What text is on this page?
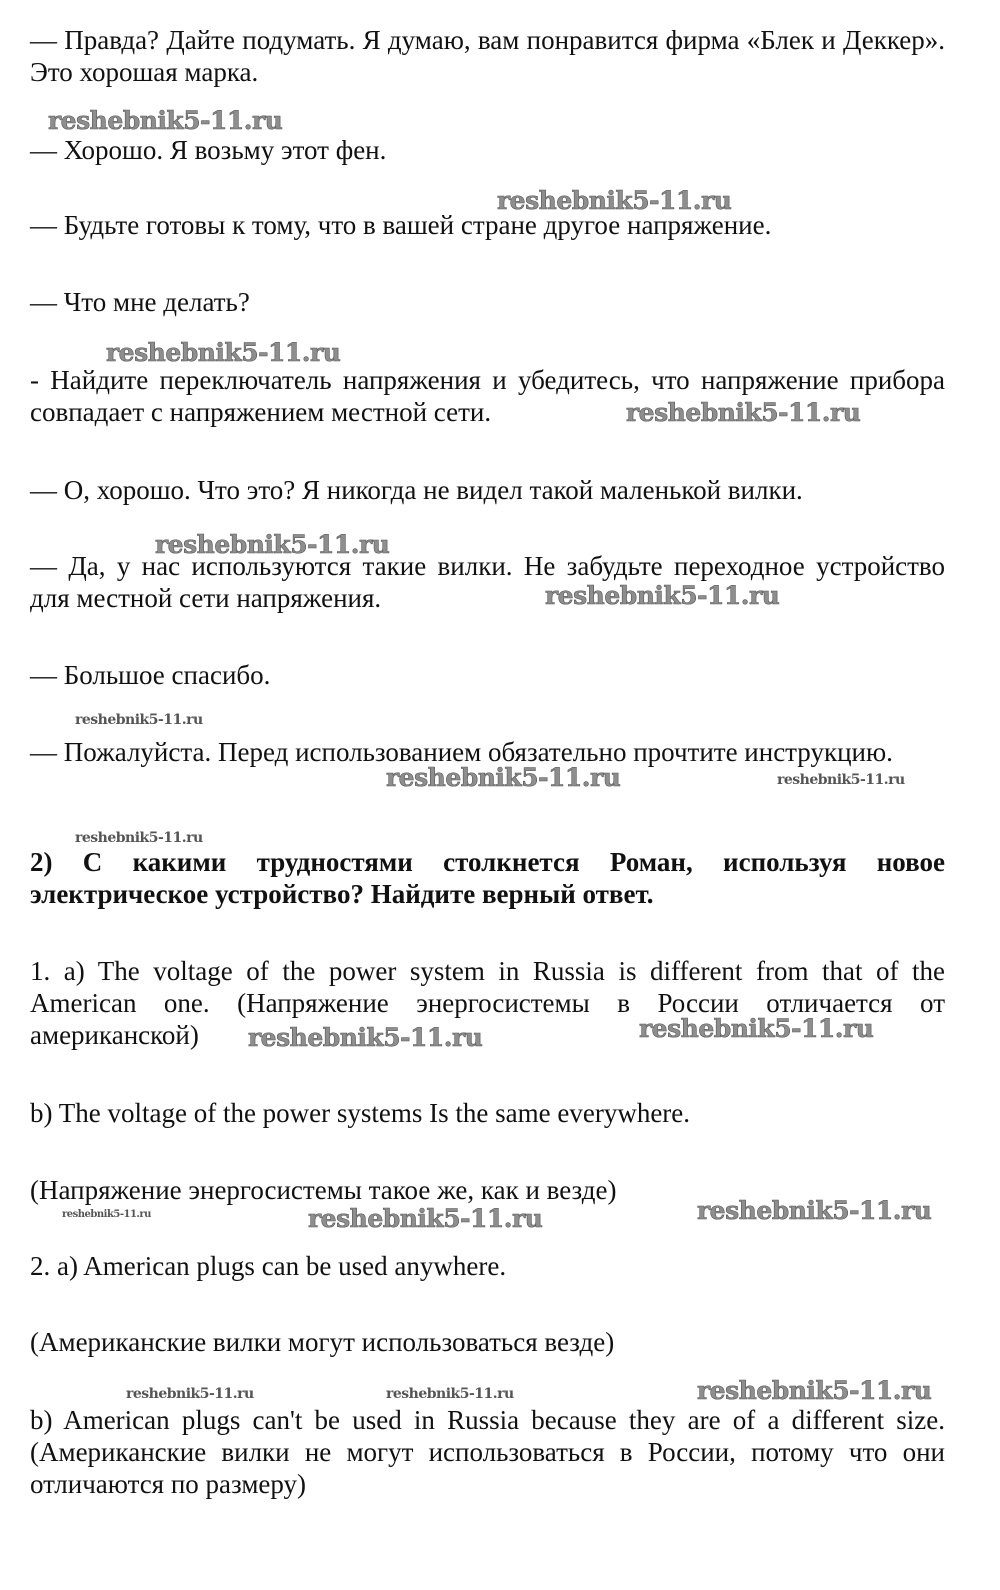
— Правда? Дайте подумать. Я думаю, вам понравится фирма «Блек и Деккер». Это хорошая марка.

— Хорошо. Я возьму этот фен.

— Будьте готовы к тому, что в вашей стране другое напряжение.

— Что мне делать?

- Найдите переключатель напряжения и убедитесь, что напряжение прибора совпадает с напряжением местной сети.

— О, хорошо. Что это? Я никогда не видел такой маленькой вилки.

— Да, у нас используются такие вилки. Не забудьте переходное устройство для местной сети напряжения.

— Большое спасибо.

— Пожалуйста. Перед использованием обязательно прочтите инструкцию.

2) С какими трудностями столкнется Роман, используя новое электрическое устройство? Найдите верный ответ.

1. a) The voltage of the power system in Russia is different from that of the American one. (Напряжение энергосистемы в России отличается от американской)

b) The voltage of the power systems Is the same everywhere.

(Напряжение энергосистемы такое же, как и везде)

2. a) American plugs can be used anywhere.

(Американские вилки могут использоваться везде)

b) American plugs can't be used in Russia because they are of a different size. (Американские вилки не могут использоваться в России, потому что они отличаются по размеру)

reshebnik5-11.ru
reshebnik5-11.ru
reshebnik5-11.ru
reshebnik5-11.ru
reshebnik5-11.ru
reshebnik5-11.ru
reshebnik5-11.ru
reshebnik5-11.ru	reshebnik5-11.ru
reshebnik5-11.ru
reshebnik5-11.ru
reshebnik5-11.ru
reshebnik5-11.ru
reshebnik5-11.ru	reshebnik5-11.ru
reshebnik5-11.ru	reshebnik5-11.ru	reshebnik5-11.ru
